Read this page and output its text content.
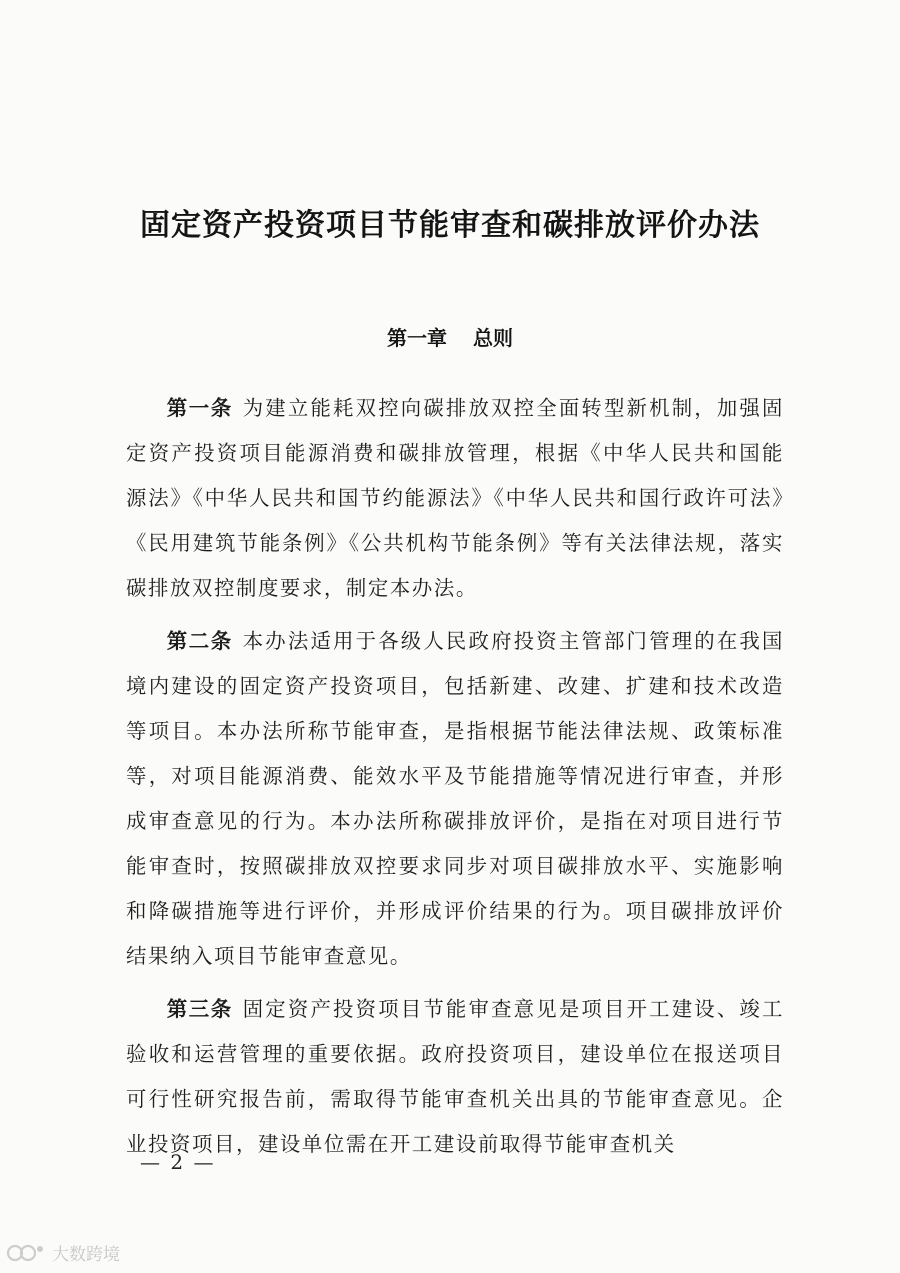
固定资产投资项目节能审查和碳排放评价办法
第一章 总则

第一条 为建立能耗双控向碳排放双控全面转型新机制，加强固定资产投资项目能源消费和碳排放管理，根据《中华人民共和国能源法》《中华人民共和国节约能源法》《中华人民共和国行政许可法》《民用建筑节能条例》《公共机构节能条例》等有关法律法规，落实碳排放双控制度要求，制定本办法。

第二条 本办法适用于各级人民政府投资主管部门管理的在我国境内建设的固定资产投资项目，包括新建、改建、扩建和技术改造等项目。本办法所称节能审查，是指根据节能法律法规、政策标准等，对项目能源消费、能效水平及节能措施等情况进行审查，并形成审查意见的行为。本办法所称碳排放评价，是指在对项目进行节能审查时，按照碳排放双控要求同步对项目碳排放水平、实施影响和降碳措施等进行评价，并形成评价结果的行为。项目碳排放评价结果纳入项目节能审查意见。

第三条 固定资产投资项目节能审查意见是项目开工建设、竣工验收和运营管理的重要依据。政府投资项目，建设单位在报送项目可行性研究报告前，需取得节能审查机关出具的节能审查意见。企业投资项目，建设单位需在开工建设前取得节能审查机关

— 2 —
大数跨境
